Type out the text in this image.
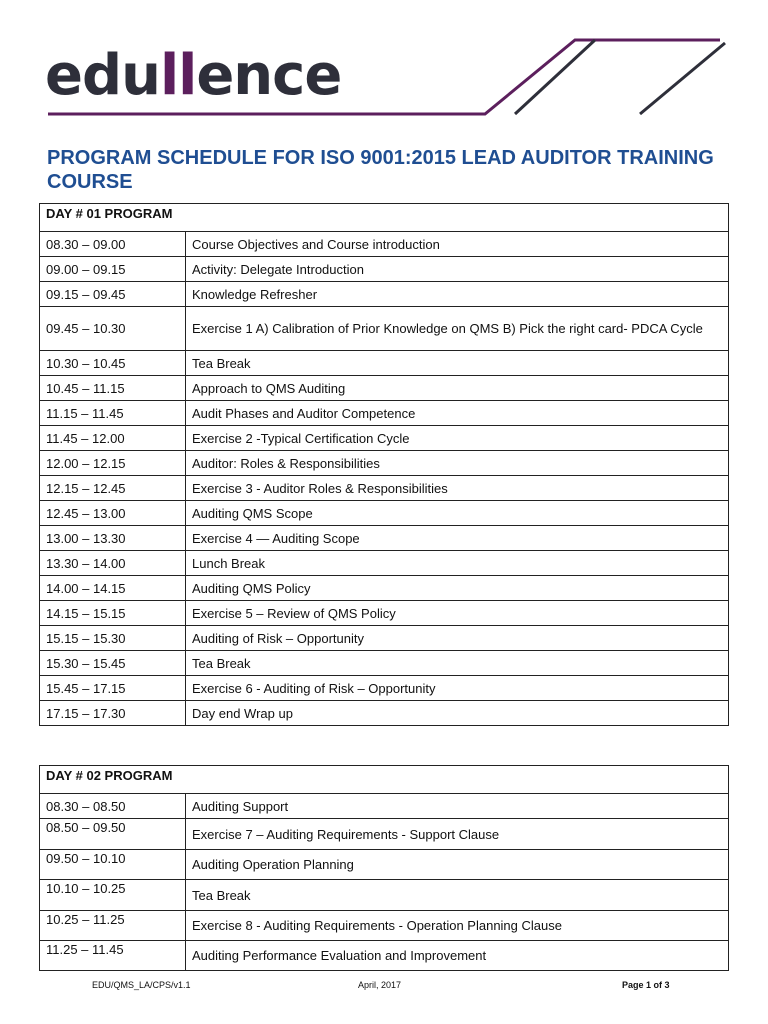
edullence
PROGRAM SCHEDULE FOR ISO 9001:2015 LEAD AUDITOR TRAINING COURSE
DAY # 01 PROGRAM	
08.30 – 09.00	Course Objectives and Course introduction
09.00 – 09.15	Activity: Delegate Introduction
09.15 – 09.45	Knowledge Refresher
09.45 – 10.30	Exercise 1 A) Calibration of Prior Knowledge on QMS B) Pick the right card- PDCA Cycle
10.30 – 10.45	Tea Break
10.45 – 11.15	Approach to QMS Auditing
11.15 – 11.45	Audit Phases and Auditor Competence
11.45 – 12.00	Exercise 2 -Typical Certification Cycle
12.00 – 12.15	Auditor: Roles & Responsibilities
12.15 – 12.45	Exercise 3 - Auditor Roles & Responsibilities
12.45 – 13.00	Auditing QMS Scope
13.00 – 13.30	Exercise 4 — Auditing Scope
13.30 – 14.00	Lunch Break
14.00 – 14.15	Auditing QMS Policy
14.15 – 15.15	Exercise 5 – Review of QMS Policy
15.15 – 15.30	Auditing of Risk – Opportunity
15.30 – 15.45	Tea Break
15.45 – 17.15	Exercise 6 - Auditing of Risk – Opportunity
17.15 – 17.30	Day end Wrap up
DAY # 02 PROGRAM	
08.30 – 08.50	Auditing Support
08.50 – 09.50	Exercise 7 – Auditing Requirements - Support Clause
09.50 – 10.10	Auditing Operation Planning
10.10 – 10.25	Tea Break
10.25 – 11.25	Exercise 8 - Auditing Requirements - Operation Planning Clause
11.25 – 11.45	Auditing Performance Evaluation and Improvement
EDU/QMS_LA/CPS/v1.1	April, 2017	Page 1 of 3
